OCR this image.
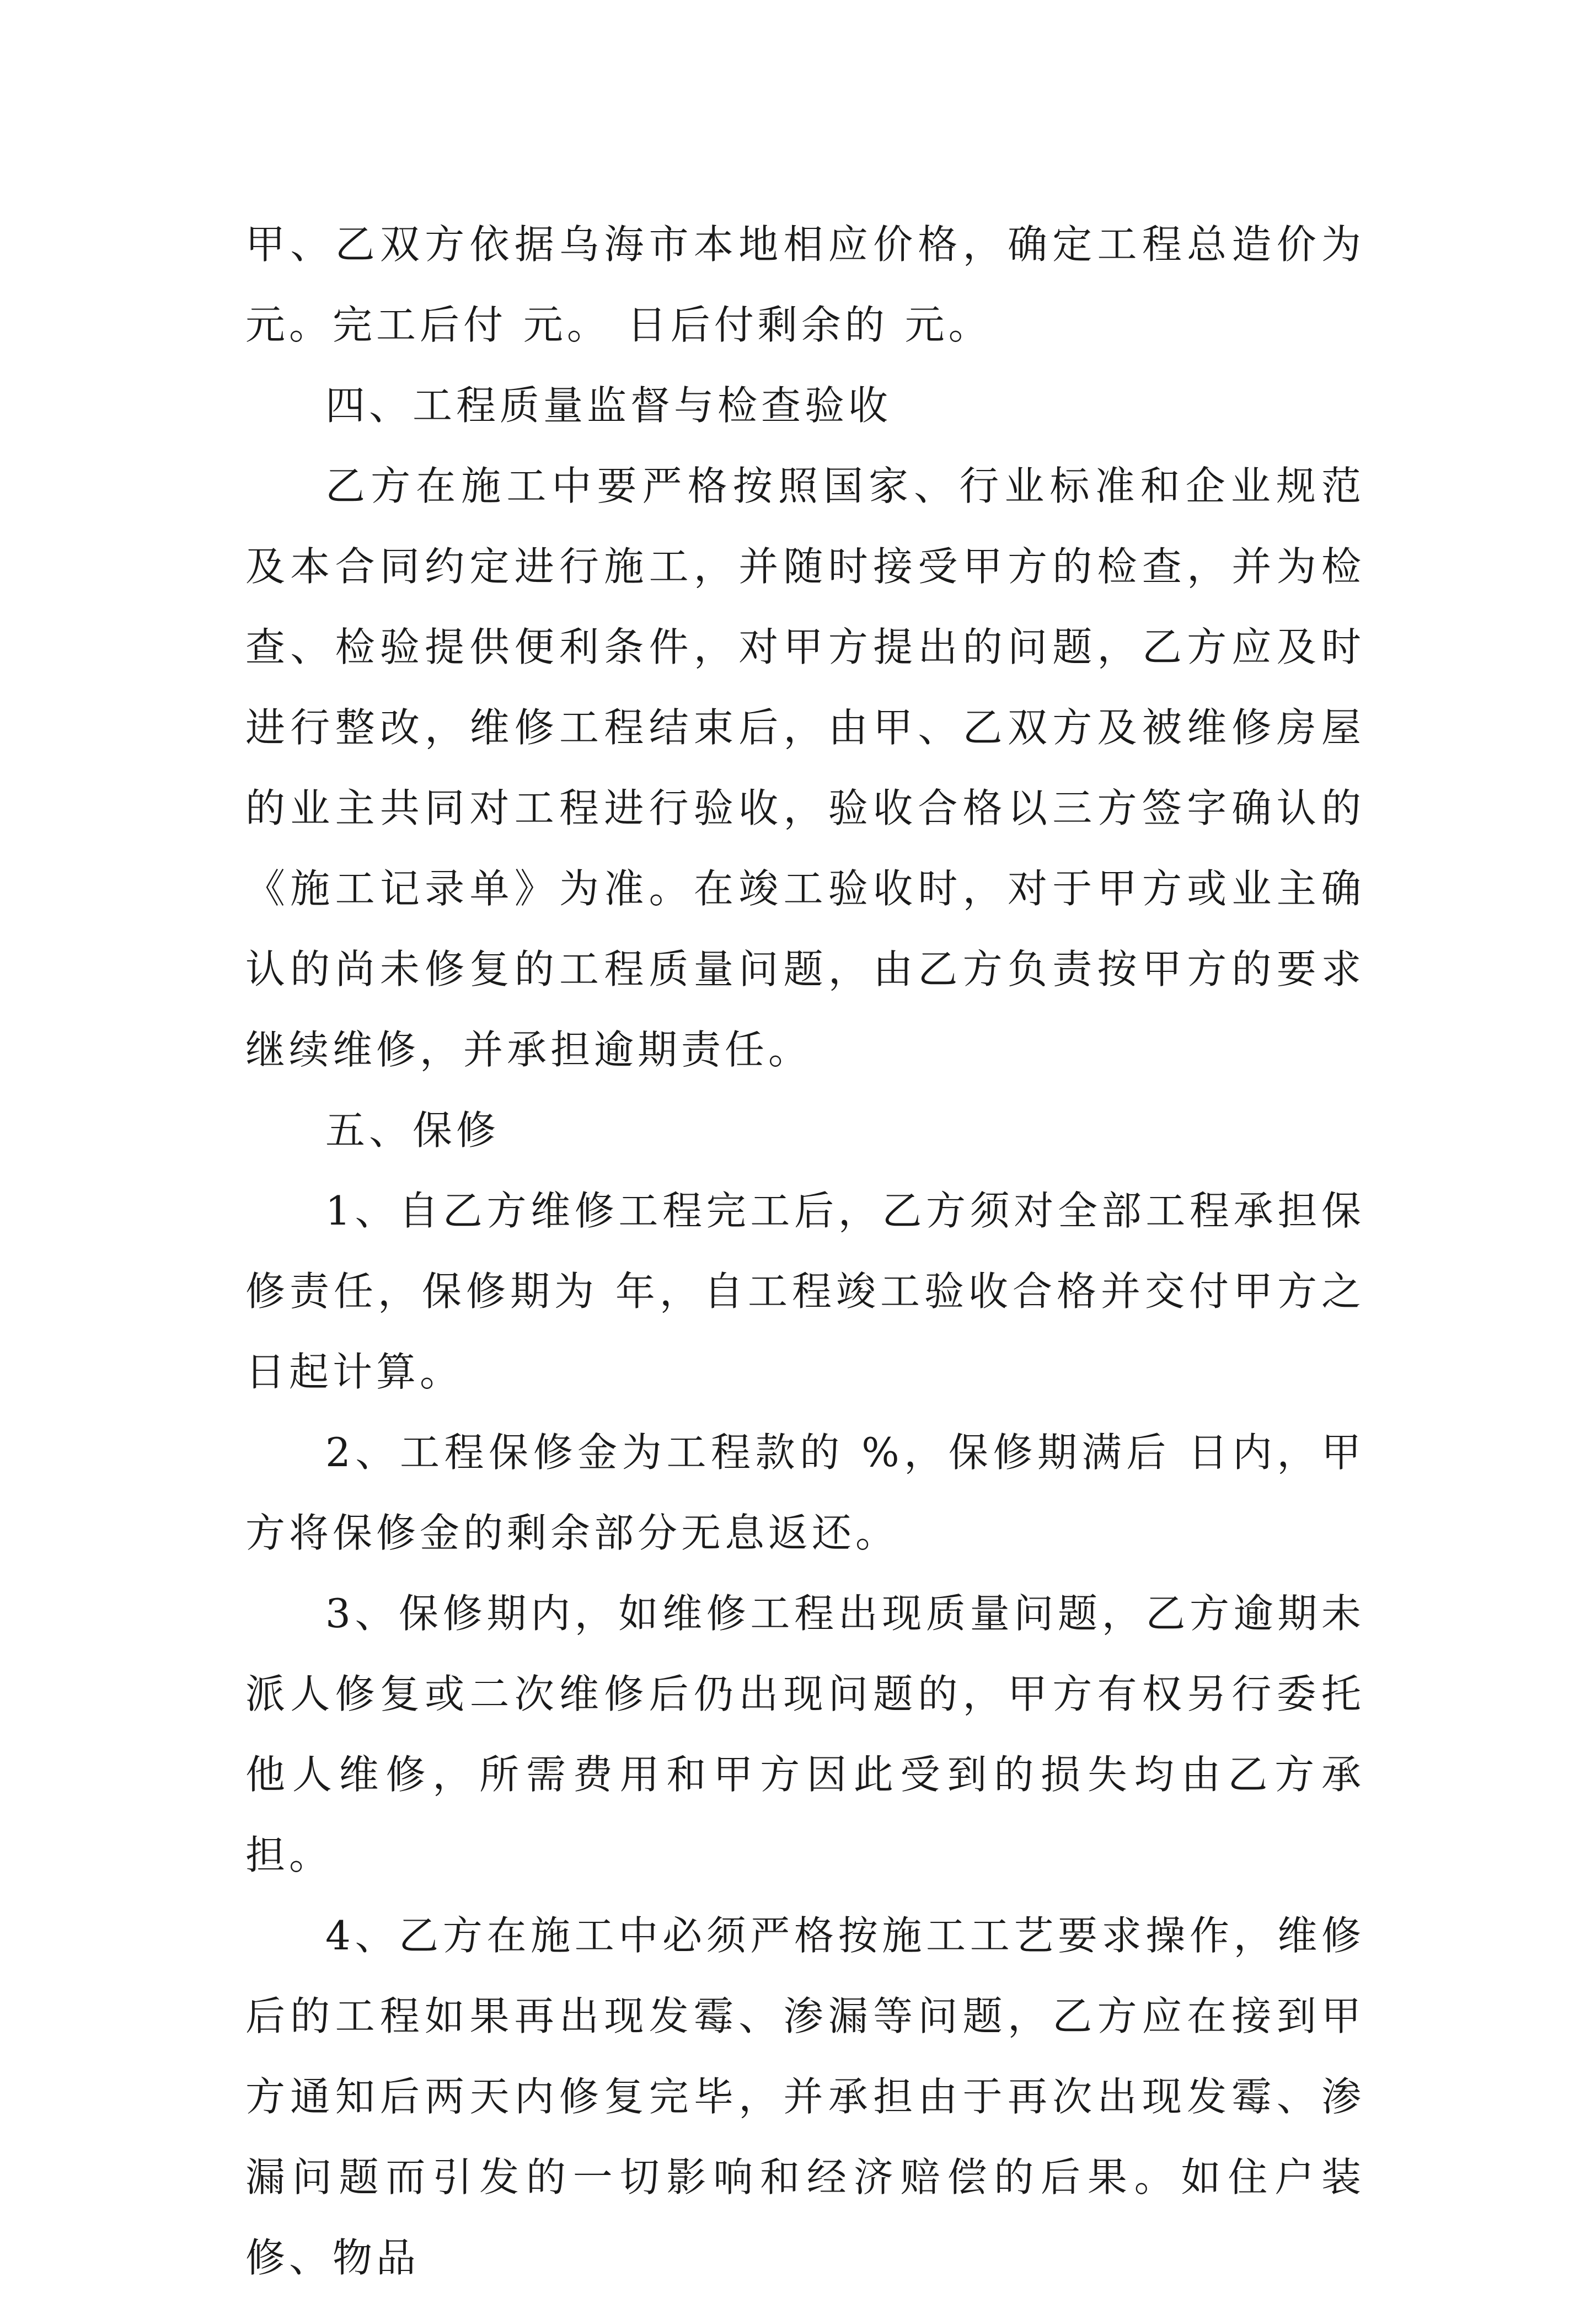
甲、乙双方依据乌海市本地相应价格，确定工程总造价为元。完工后付 元。 日后付剩余的 元。

四、工程质量监督与检查验收

乙方在施工中要严格按照国家、行业标准和企业规范及本合同约定进行施工，并随时接受甲方的检查，并为检查、检验提供便利条件，对甲方提出的问题，乙方应及时进行整改，维修工程结束后，由甲、乙双方及被维修房屋的业主共同对工程进行验收，验收合格以三方签字确认的《施工记录单》为准。在竣工验收时，对于甲方或业主确认的尚未修复的工程质量问题，由乙方负责按甲方的要求继续维修，并承担逾期责任。

五、保修

1、自乙方维修工程完工后，乙方须对全部工程承担保修责任，保修期为 年，自工程竣工验收合格并交付甲方之日起计算。

2、工程保修金为工程款的 %，保修期满后 日内，甲方将保修金的剩余部分无息返还。

3、保修期内，如维修工程出现质量问题，乙方逾期未派人修复或二次维修后仍出现问题的，甲方有权另行委托他人维修，所需费用和甲方因此受到的损失均由乙方承担。

4、乙方在施工中必须严格按施工工艺要求操作，维修后的工程如果再出现发霉、渗漏等问题，乙方应在接到甲方通知后两天内修复完毕，并承担由于再次出现发霉、渗漏问题而引发的一切影响和经济赔偿的后果。如住户装修、物品
